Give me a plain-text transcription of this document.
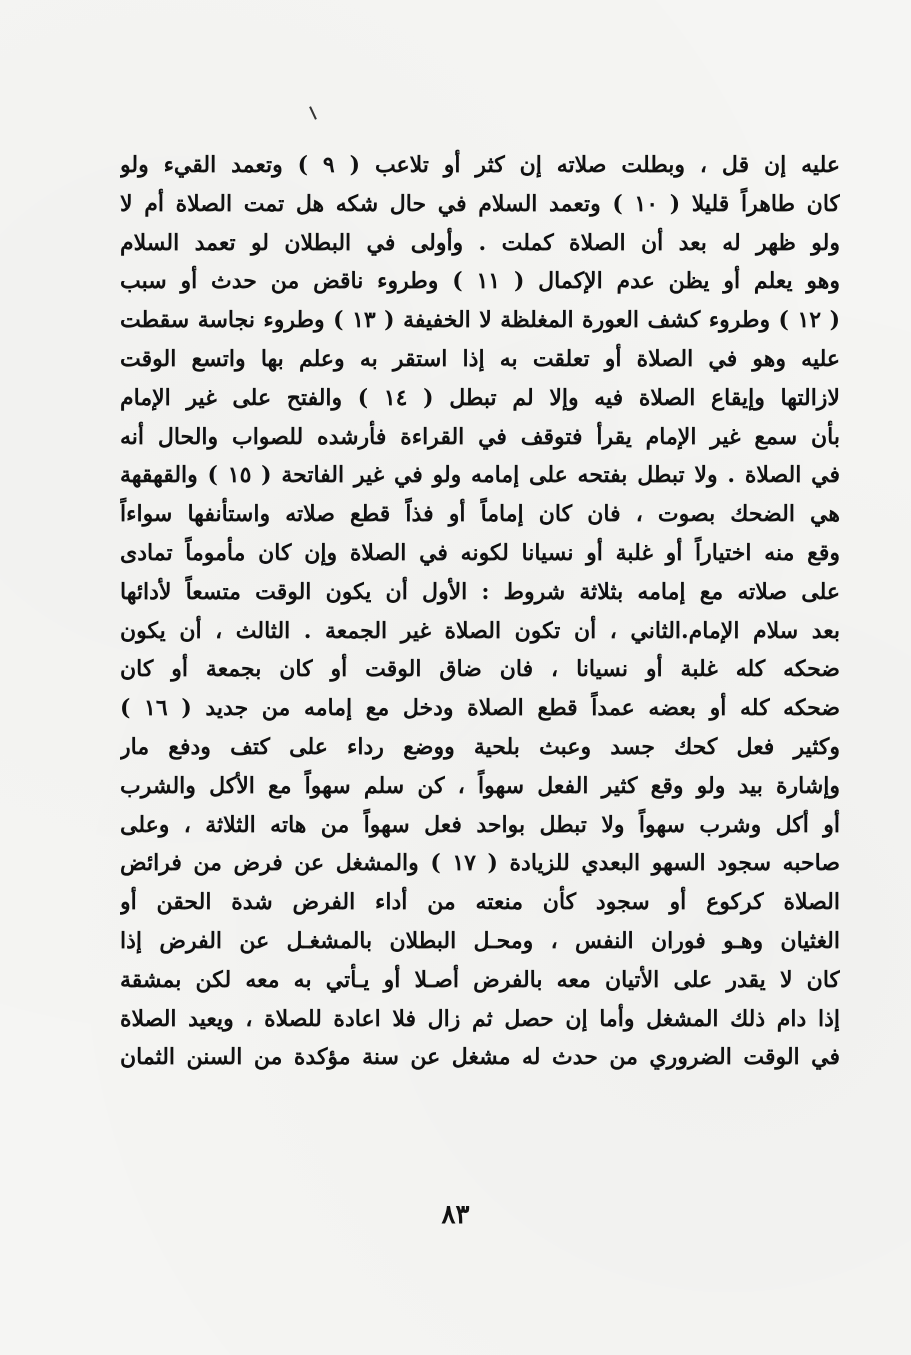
عليه إن قل ، وبطلت صلاته إن كثر أو تلاعب ( ٩ ) وتعمد القيء ولو
كان طاهراً قليلا ( ١٠ ) وتعمد السلام في حال شكه هل تمت الصلاة أم لا
ولو ظهر له بعد أن الصلاة كملت . وأولى في البطلان لو تعمد السلام
وهو يعلم أو يظن عدم الإكمال ( ١١ ) وطروء ناقض من حدث أو سبب
( ١٢ ) وطروء كشف العورة المغلظة لا الخفيفة ( ١٣ ) وطروء نجاسة سقطت
عليه وهو في الصلاة أو تعلقت به إذا استقر به وعلم بها واتسع الوقت
لازالتها وإيقاع الصلاة فيه وإلا لم تبطل ( ١٤ ) والفتح على غير الإمام
بأن سمع غير الإمام يقرأ فتوقف في القراءة فأرشده للصواب والحال أنه
في الصلاة . ولا تبطل بفتحه على إمامه ولو في غير الفاتحة ( ١٥ ) والقهقهة
هي الضحك بصوت ، فان كان إماماً أو فذاً قطع صلاته واستأنفها سواءاً
وقع منه اختياراً أو غلبة أو نسيانا لكونه في الصلاة وإن كان مأموماً تمادى
على صلاته مع إمامه بثلاثة شروط : الأول أن يكون الوقت متسعاً لأدائها
بعد سلام الإمام.الثاني ، أن تكون الصلاة غير الجمعة . الثالث ، أن يكون
ضحكه كله غلبة أو نسيانا ، فان ضاق الوقت أو كان بجمعة أو كان
ضحكه كله أو بعضه عمداً قطع الصلاة ودخل مع إمامه من جديد ( ١٦ )
وكثير فعل كحك جسد وعبث بلحية ووضع رداء على كتف ودفع مار
وإشارة بيد ولو وقع كثير الفعل سهواً ، كن سلم سهواً مع الأكل والشرب
أو أكل وشرب سهواً ولا تبطل بواحد فعل سهواً من هاته الثلاثة ، وعلى
صاحبه سجود السهو البعدي للزيادة ( ١٧ ) والمشغل عن فرض من فرائض
الصلاة كركوع أو سجود كأن منعته من أداء الفرض شدة الحقن أو
الغثيان وهـو فوران النفس ، ومحـل البطلان بالمشغـل عن الفرض إذا
كان لا يقدر على الأتيان معه بالفرض أصـلا أو يـأتي به معه لكن بمشقة
إذا دام ذلك المشغل وأما إن حصل ثم زال فلا اعادة للصلاة ، ويعيد الصلاة
في الوقت الضروري من حدث له مشغل عن سنة مؤكدة من السنن الثمان
٨٣
